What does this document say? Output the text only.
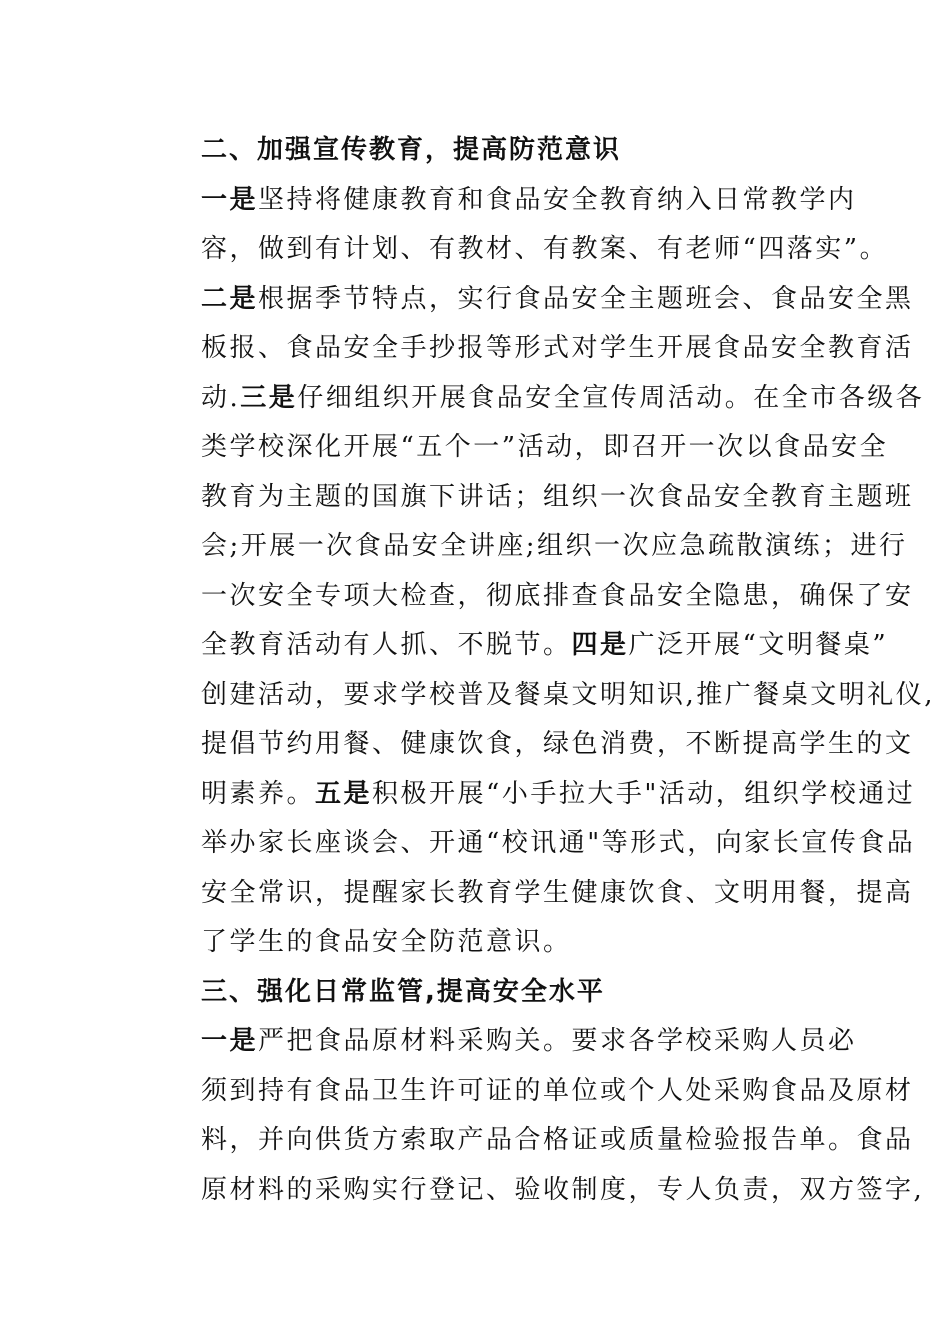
二、加强宣传教育，提高防范意识

一是坚持将健康教育和食品安全教育纳入日常教学内
容，做到有计划、有教材、有教案、有老师“四落实”。
二是根据季节特点，实行食品安全主题班会、食品安全黑
板报、食品安全手抄报等形式对学生开展食品安全教育活
动.三是仔细组织开展食品安全宣传周活动。在全市各级各
类学校深化开展“五个一”活动，即召开一次以食品安全
教育为主题的国旗下讲话；组织一次食品安全教育主题班
会;开展一次食品安全讲座;组织一次应急疏散演练；进行
一次安全专项大检查，彻底排查食品安全隐患，确保了安
全教育活动有人抓、不脱节。四是广泛开展“文明餐桌”
创建活动，要求学校普及餐桌文明知识,推广餐桌文明礼仪,
提倡节约用餐、健康饮食，绿色消费，不断提高学生的文
明素养。五是积极开展“小手拉大手"活动，组织学校通过
举办家长座谈会、开通“校讯通"等形式，向家长宣传食品
安全常识，提醒家长教育学生健康饮食、文明用餐，提高
了学生的食品安全防范意识。

三、强化日常监管,提高安全水平

一是严把食品原材料采购关。要求各学校采购人员必
须到持有食品卫生许可证的单位或个人处采购食品及原材
料，并向供货方索取产品合格证或质量检验报告单。食品
原材料的采购实行登记、验收制度，专人负责，双方签字,
